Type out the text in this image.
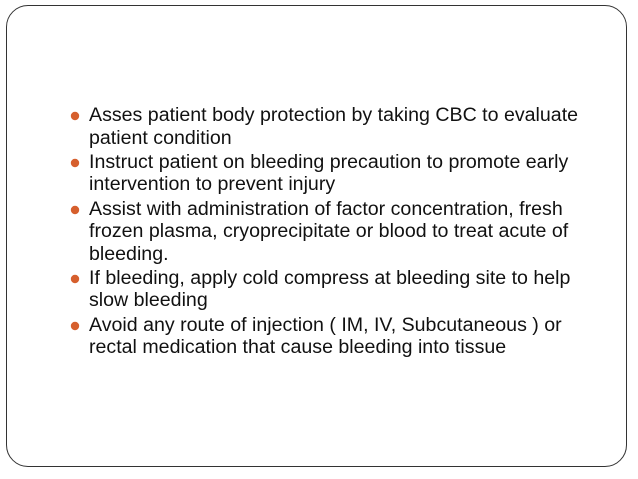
Asses patient body protection by taking CBC to evaluate patient condition
Instruct patient on bleeding precaution to promote early intervention to prevent injury
Assist with administration of factor concentration, fresh frozen plasma, cryoprecipitate or blood to treat acute of bleeding.
If bleeding, apply cold compress at bleeding site to help slow bleeding
Avoid any route of injection ( IM, IV, Subcutaneous ) or rectal medication that cause bleeding into tissue
